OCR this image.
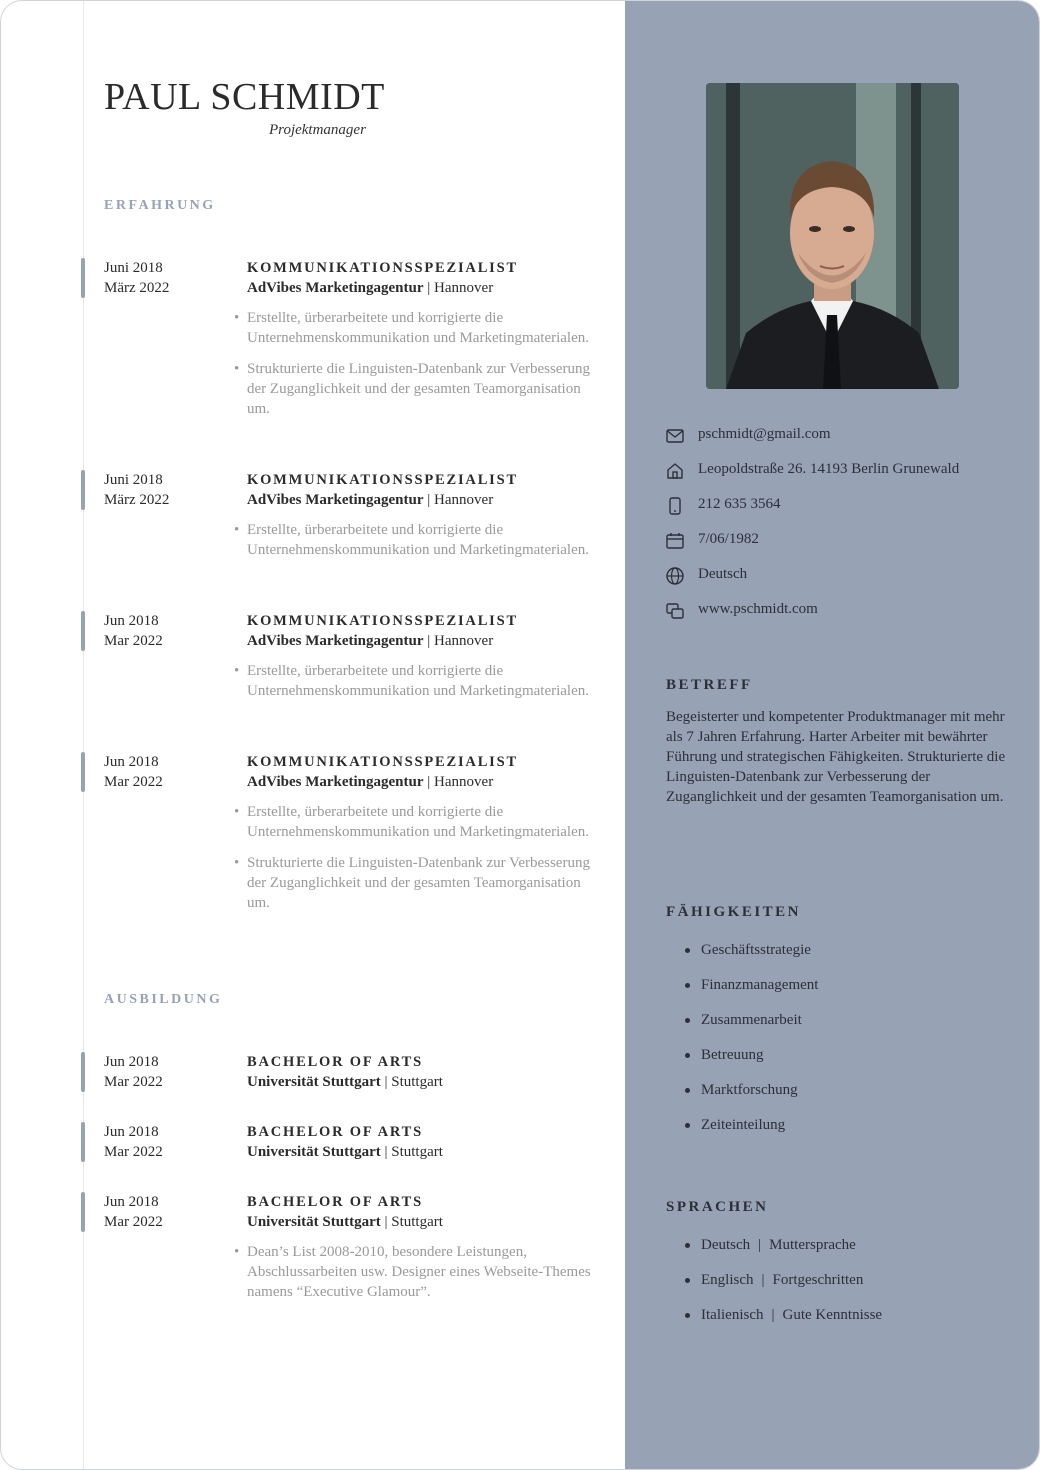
PAUL SCHMIDT
Projektmanager
ERFAHRUNG
Juni 2018
März 2022
KOMMUNIKATIONSSPEZIALIST
AdVibes Marketingagentur | Hannover
• Erstellte, ürberarbeitete und korrigierte die Unternehmenskommunikation und Marketingmaterialen.
• Strukturierte die Linguisten-Datenbank zur Verbesserung der Zuganglichkeit und der gesamten Teamorganisation um.
Juni 2018
März 2022
KOMMUNIKATIONSSPEZIALIST
AdVibes Marketingagentur | Hannover
• Erstellte, ürberarbeitete und korrigierte die Unternehmenskommunikation und Marketingmaterialen.
Jun 2018
Mar 2022
KOMMUNIKATIONSSPEZIALIST
AdVibes Marketingagentur | Hannover
• Erstellte, ürberarbeitete und korrigierte die Unternehmenskommunikation und Marketingmaterialen.
Jun 2018
Mar 2022
KOMMUNIKATIONSSPEZIALIST
AdVibes Marketingagentur | Hannover
• Erstellte, ürberarbeitete und korrigierte die Unternehmenskommunikation und Marketingmaterialen.
• Strukturierte die Linguisten-Datenbank zur Verbesserung der Zuganglichkeit und der gesamten Teamorganisation um.
AUSBILDUNG
Jun 2018
Mar 2022
BACHELOR OF ARTS
Universität Stuttgart | Stuttgart
Jun 2018
Mar 2022
BACHELOR OF ARTS
Universität Stuttgart | Stuttgart
Jun 2018
Mar 2022
BACHELOR OF ARTS
Universität Stuttgart | Stuttgart
• Dean’s List 2008-2010, besondere Leistungen, Abschlussarbeiten usw. Designer eines Webseite-Themes namens “Executive Glamour”.
pschmidt@gmail.com
Leopoldstraße 26. 14193 Berlin Grunewald
212 635 3564
7/06/1982
Deutsch
www.pschmidt.com
BETREFF
Begeisterter und kompetenter Produktmanager mit mehr als 7 Jahren Erfahrung. Harter Arbeiter mit bewährter Führung und strategischen Fähigkeiten. Strukturierte die Linguisten-Datenbank zur Verbesserung der Zuganglichkeit und der gesamten Teamorganisation um.
FÄHIGKEITEN
Geschäftsstrategie
Finanzmanagement
Zusammenarbeit
Betreuung
Marktforschung
Zeiteinteilung
SPRACHEN
Deutsch | Muttersprache
Englisch | Fortgeschritten
Italienisch | Gute Kenntnisse
